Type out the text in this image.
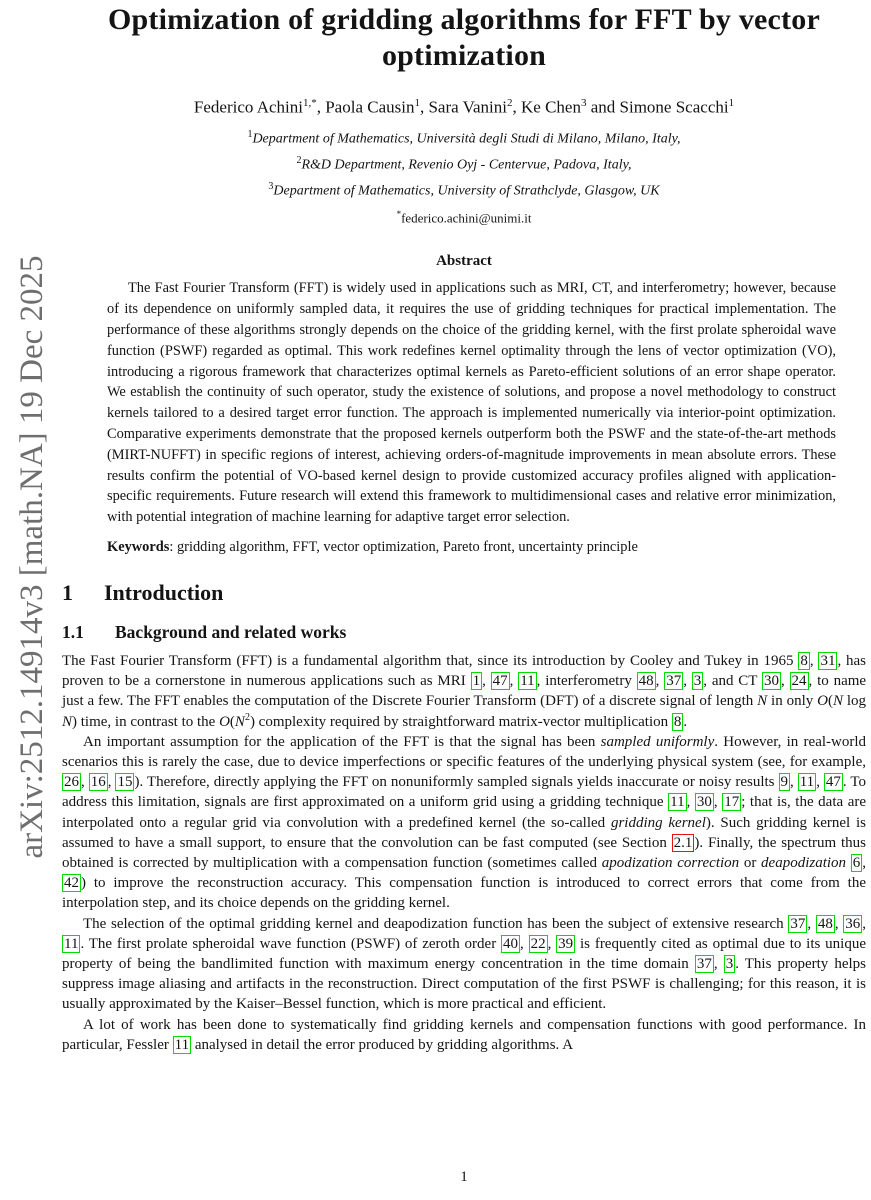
arXiv:2512.14914v3 [math.NA] 19 Dec 2025
Optimization of gridding algorithms for FFT by vector optimization
Federico Achini$^{1,*}$, Paola Causin$^1$, Sara Vanini$^2$, Ke Chen$^3$ and Simone Scacchi$^1$
$^1$Department of Mathematics, Università degli Studi di Milano, Milano, Italy,
$^2$R&D Department, Revenio Oyj - Centervue, Padova, Italy,
$^3$Department of Mathematics, University of Strathclyde, Glasgow, UK
*federico.achini@unimi.it
Abstract

The Fast Fourier Transform (FFT) is widely used in applications such as MRI, CT, and interferometry; however, because of its dependence on uniformly sampled data, it requires the use of gridding techniques for practical implementation. The performance of these algorithms strongly depends on the choice of the gridding kernel, with the first prolate spheroidal wave function (PSWF) regarded as optimal. This work redefines kernel optimality through the lens of vector optimization (VO), introducing a rigorous framework that characterizes optimal kernels as Pareto-efficient solutions of an error shape operator. We establish the continuity of such operator, study the existence of solutions, and propose a novel methodology to construct kernels tailored to a desired target error function. The approach is implemented numerically via interior-point optimization. Comparative experiments demonstrate that the proposed kernels outperform both the PSWF and the state-of-the-art methods (MIRT-NUFFT) in specific regions of interest, achieving orders-of-magnitude improvements in mean absolute errors. These results confirm the potential of VO-based kernel design to provide customized accuracy profiles aligned with application-specific requirements. Future research will extend this framework to multidimensional cases and relative error minimization, with potential integration of machine learning for adaptive target error selection.

Keywords: gridding algorithm, FFT, vector optimization, Pareto front, uncertainty principle
1 Introduction
1.1 Background and related works

The Fast Fourier Transform (FFT) is a fundamental algorithm that, since its introduction by Cooley and Tukey in 1965 8 , 31 , has proven to be a cornerstone in numerous applications such as MRI 1 , 47 , 11 , interferometry 48 , 37 , 3 , and CT 30 , 24 , to name just a few. The FFT enables the computation of the Discrete Fourier Transform (DFT) of a discrete signal of length N in only O(N log N) time, in contrast to the $O(N^2)$ complexity required by straightforward matrix-vector multiplication 8 .

An important assumption for the application of the FFT is that the signal has been sampled uniformly. However, in real-world scenarios this is rarely the case, due to device imperfections or specific features of the underlying physical system (see, for example, 26 , 16 , 15 ). Therefore, directly applying the FFT on nonuniformly sampled signals yields inaccurate or noisy results 9 , 11 , 47 . To address this limitation, signals are first approximated on a uniform grid using a gridding technique 11 , 30 , 17 ; that is, the data are interpolated onto a regular grid via convolution with a predefined kernel (the so-called gridding kernel). Such gridding kernel is assumed to have a small support, to ensure that the convolution can be fast computed (see Section 2.1 ). Finally, the spectrum thus obtained is corrected by multiplication with a compensation function (sometimes called apodization correction or deapodization 6 , 42 ) to improve the reconstruction accuracy. This compensation function is introduced to correct errors that come from the interpolation step, and its choice depends on the gridding kernel.

The selection of the optimal gridding kernel and deapodization function has been the subject of extensive research 37 , 48 , 36 , 11 . The first prolate spheroidal wave function (PSWF) of zeroth order 40 , 22 , 39 is frequently cited as optimal due to its unique property of being the bandlimited function with maximum energy concentration in the time domain 37 , 3 . This property helps suppress image aliasing and artifacts in the reconstruction. Direct computation of the first PSWF is challenging; for this reason, it is usually approximated by the Kaiser–Bessel function, which is more practical and efficient.

A lot of work has been done to systematically find gridding kernels and compensation functions with good performance. In particular, Fessler 11 analysed in detail the error produced by gridding algorithms. A

1
